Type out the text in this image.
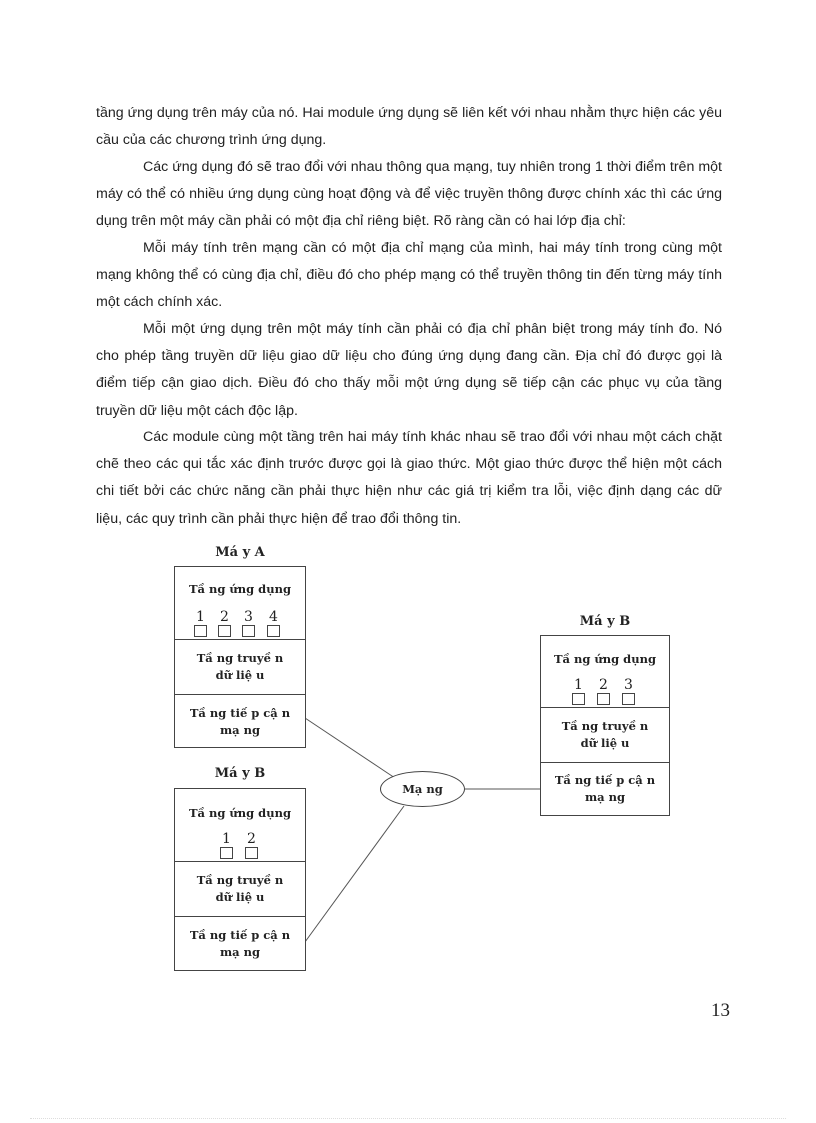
tầng ứng dụng trên máy của nó. Hai module ứng dụng sẽ liên kết với nhau nhằm thực hiện các yêu cầu của các chương trình ứng dụng.

Các ứng dụng đó sẽ trao đổi với nhau thông qua mạng, tuy nhiên trong 1 thời điểm trên một máy có thể có nhiều ứng dụng cùng hoạt động và để việc truyền thông được chính xác thì các ứng dụng trên một máy cần phải có một địa chỉ riêng biệt. Rõ ràng cần có hai lớp địa chỉ:

Mỗi máy tính trên mạng cần có một địa chỉ mạng của mình, hai máy tính trong cùng một mạng không thể có cùng địa chỉ, điều đó cho phép mạng có thể truyền thông tin đến từng máy tính một cách chính xác.

Mỗi một ứng dụng trên một máy tính cần phải có địa chỉ phân biệt trong máy tính đo. Nó cho phép tầng truyền dữ liệu giao dữ liệu cho đúng ứng dụng đang cần. Địa chỉ đó được gọi là điểm tiếp cận giao dịch. Điều đó cho thấy mỗi một ứng dụng sẽ tiếp cận các phục vụ của tầng truyền dữ liệu một cách độc lập.

Các module cùng một tầng trên hai máy tính khác nhau sẽ trao đổi với nhau một cách chặt chẽ theo các qui tắc xác định trước được gọi là giao thức. Một giao thức được thể hiện một cách chi tiết bởi các chức năng cần phải thực hiện như các giá trị kiểm tra lỗi, việc định dạng các dữ liệu, các quy trình cần phải thực hiện để trao đổi thông tin.

Má y A
Tầ ng ứng dụng
1 2 3 4
Tầ ng truyề n
dữ liệ u
Tầ ng tiế p cậ n
mạ ng
Má y B
Tầ ng ứng dụng
1 2
Tầ ng truyề n
dữ liệ u
Tầ ng tiế p cậ n
mạ ng
Mạ ng
Má y B
Tầ ng ứng dụng
1 2 3
Tầ ng truyề n
dữ liệ u
Tầ ng tiế p cậ n
mạ ng
13
